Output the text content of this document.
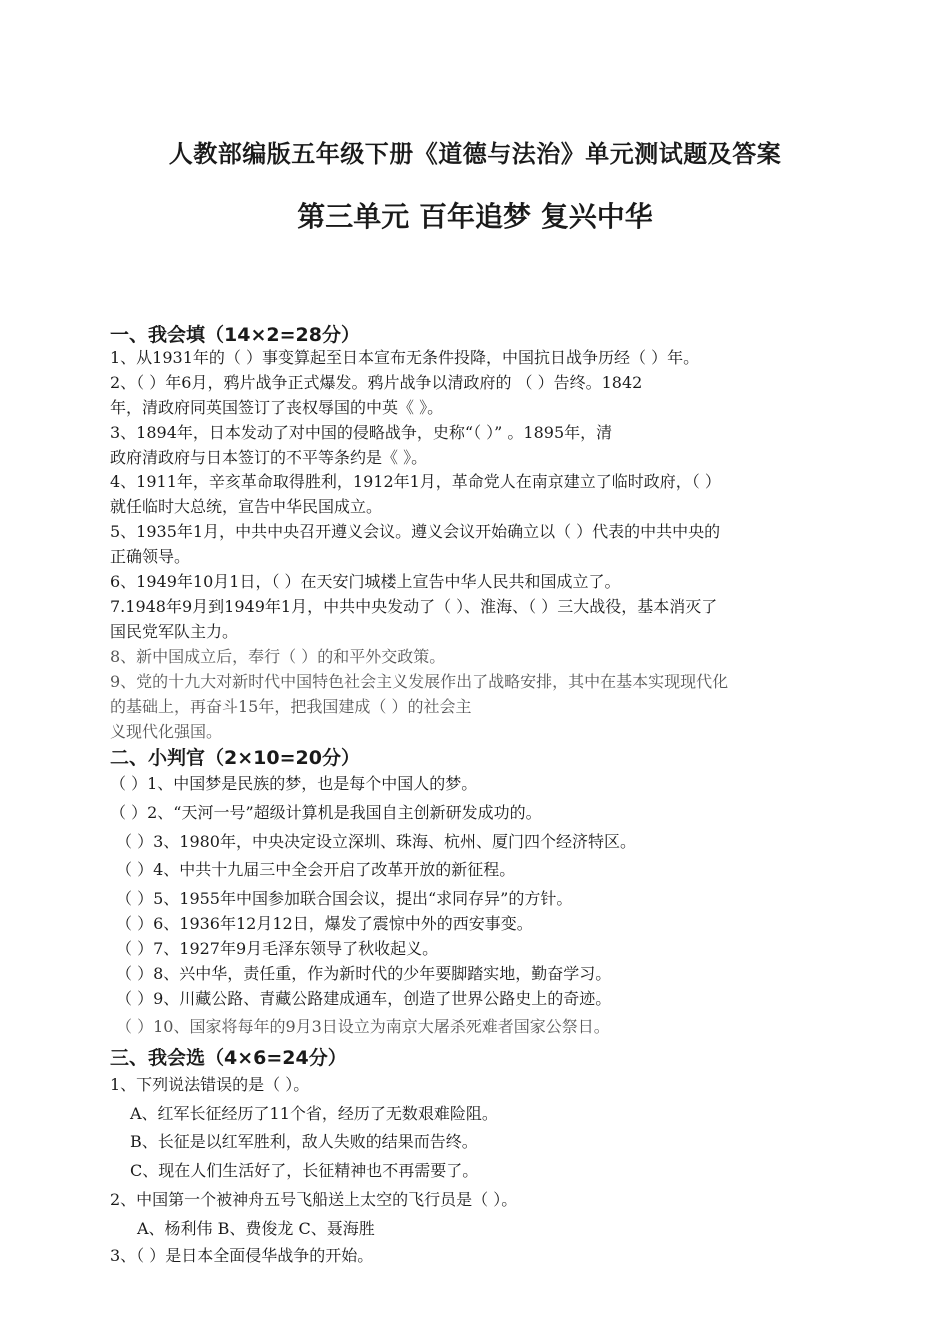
人教部编版五年级下册《道德与法治》单元测试题及答案
第三单元 百年追梦 复兴中华
一、我会填（14×2=28分）
1、从1931年的（ ）事变算起至日本宣布无条件投降，中国抗日战争历经（ ）年。
2、（ ）年6月，鸦片战争正式爆发。鸦片战争以清政府的 （ ）告终。1842
年，清政府同英国签订了丧权辱国的中英《 》。
3、1894年，日本发动了对中国的侵略战争，史称“（ ）” 。1895年，清
政府清政府与日本签订的不平等条约是《 》。
4、1911年，辛亥革命取得胜利，1912年1月，革命党人在南京建立了临时政府，（ ）
就任临时大总统，宣告中华民国成立。
5、1935年1月，中共中央召开遵义会议。遵义会议开始确立以（ ）代表的中共中央的
正确领导。
6、1949年10月1日，（ ）在天安门城楼上宣告中华人民共和国成立了。
7.1948年9月到1949年1月，中共中央发动了（ ）、淮海、（ ）三大战役，基本消灭了
国民党军队主力。
8、新中国成立后，奉行（ ）的和平外交政策。
9、党的十九大对新时代中国特色社会主义发展作出了战略安排，其中在基本实现现代化
的基础上，再奋斗15年，把我国建成（ ）的社会主
义现代化强国。
二、小判官（2×10=20分）
（ ）1、中国梦是民族的梦，也是每个中国人的梦。
（ ）2、“天河一号”超级计算机是我国自主创新研发成功的。
（ ）3、1980年，中央决定设立深圳、珠海、杭州、厦门四个经济特区。
（ ）4、中共十九届三中全会开启了改革开放的新征程。
（ ）5、1955年中国参加联合国会议，提出“求同存异”的方针。
（ ）6、1936年12月12日，爆发了震惊中外的西安事变。
（ ）7、1927年9月毛泽东领导了秋收起义。
（ ）8、兴中华，责任重，作为新时代的少年要脚踏实地，勤奋学习。
（ ）9、川藏公路、青藏公路建成通车，创造了世界公路史上的奇迹。
（ ）10、国家将每年的9月3日设立为南京大屠杀死难者国家公祭日。
三、我会选（4×6=24分）
1、下列说法错误的是（ ）。
A、红军长征经历了11个省，经历了无数艰难险阻。
B、长征是以红军胜利，敌人失败的结果而告终。
C、现在人们生活好了，长征精神也不再需要了。
2、中国第一个被神舟五号飞船送上太空的飞行员是（ ）。
A、杨利伟 B、费俊龙 C、聂海胜
3、（ ）是日本全面侵华战争的开始。
